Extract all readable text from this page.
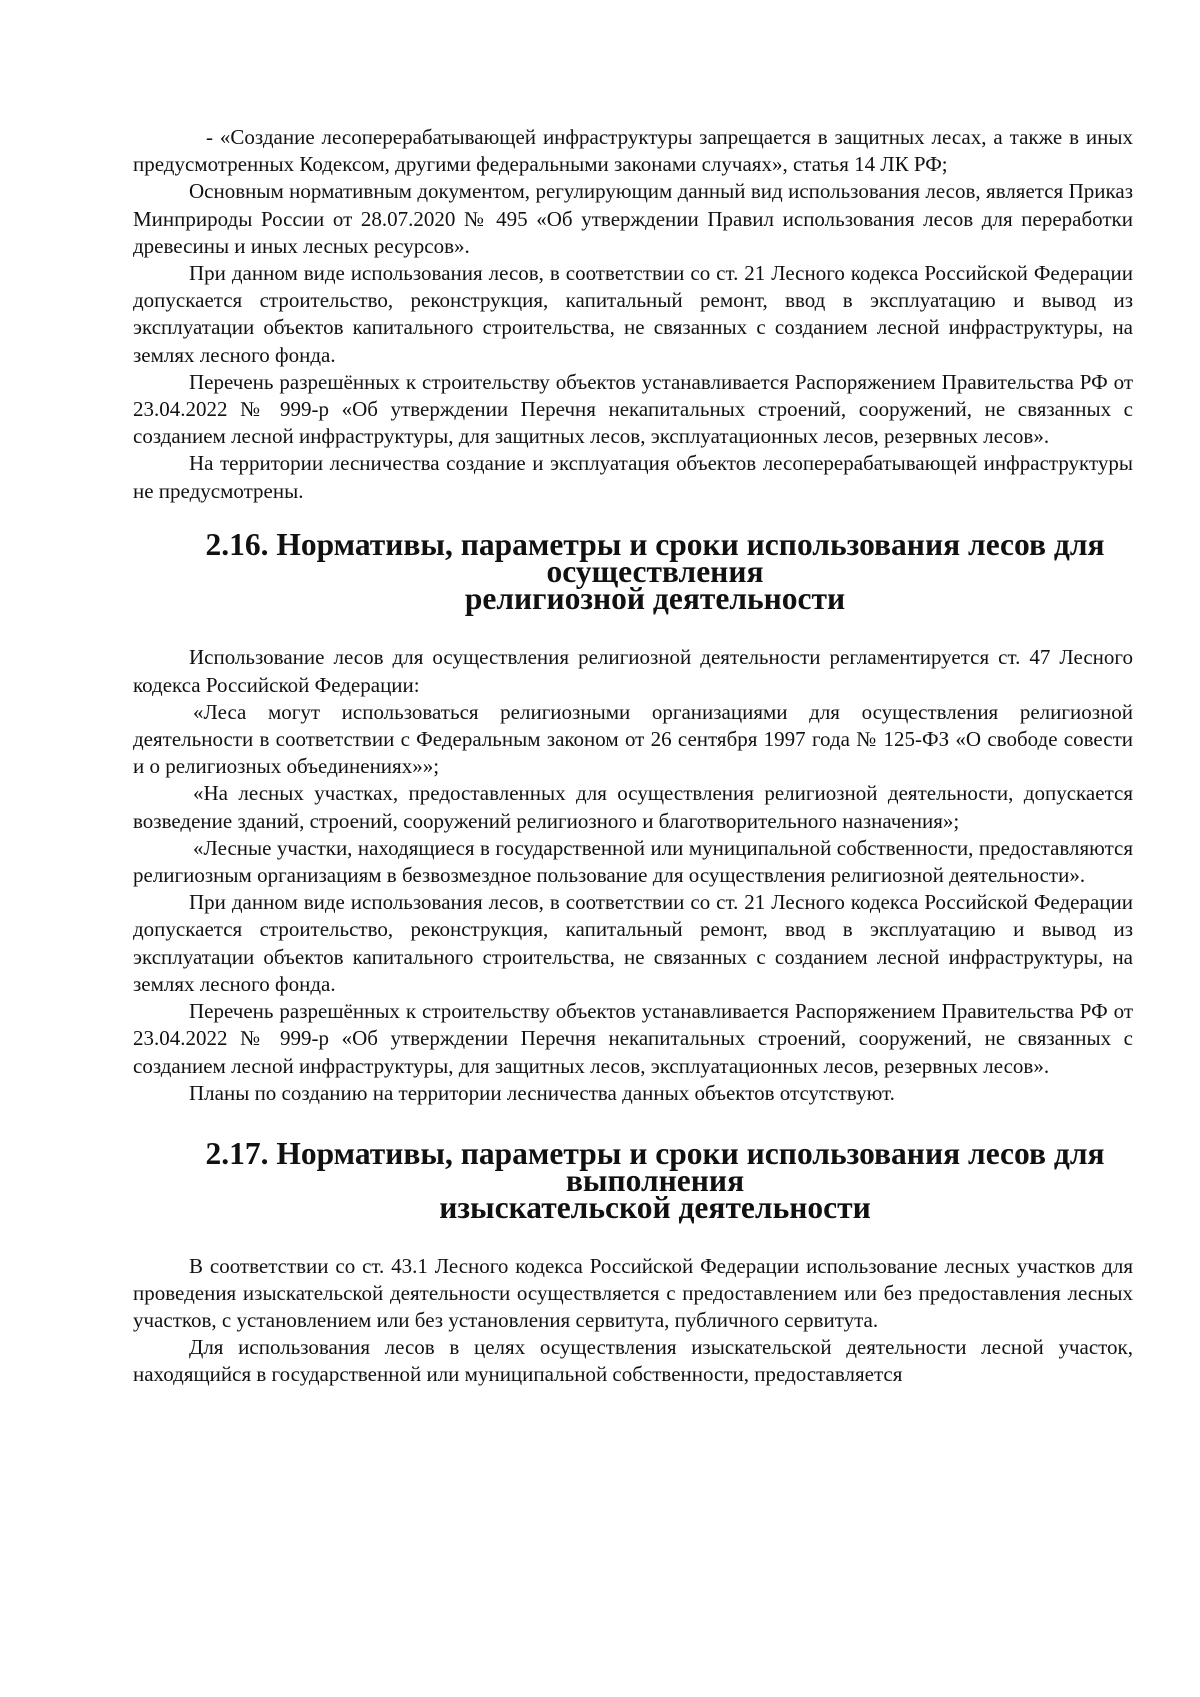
- «Создание лесоперерабатывающей инфраструктуры запрещается в защитных лесах, а также в иных предусмотренных Кодексом, другими федеральными законами случаях», статья 14 ЛК РФ;

Основным нормативным документом, регулирующим данный вид использования лесов, является Приказ Минприроды России от 28.07.2020 № 495 «Об утверждении Правил использования лесов для переработки древесины и иных лесных ресурсов».

При данном виде использования лесов, в соответствии со ст. 21 Лесного кодекса Российской Федерации допускается строительство, реконструкция, капитальный ремонт, ввод в эксплуатацию и вывод из эксплуатации объектов капитального строительства, не связанных с созданием лесной инфраструктуры, на землях лесного фонда.

Перечень разрешённых к строительству объектов устанавливается Распоряжением Правительства РФ от 23.04.2022 № 999-р «Об утверждении Перечня некапитальных строений, сооружений, не связанных с созданием лесной инфраструктуры, для защитных лесов, эксплуатационных лесов, резервных лесов».

На территории лесничества создание и эксплуатация объектов лесоперерабатывающей инфраструктуры не предусмотрены.

2.16. Нормативы, параметры и сроки использования лесов для осуществления
религиозной деятельности

Использование лесов для осуществления религиозной деятельности регламентируется ст. 47 Лесного кодекса Российской Федерации:

«Леса могут использоваться религиозными организациями для осуществления религиозной деятельности в соответствии с Федеральным законом от 26 сентября 1997 года № 125-ФЗ «О свободе совести и о религиозных объединениях»»;

«На лесных участках, предоставленных для осуществления религиозной деятельности, допускается возведение зданий, строений, сооружений религиозного и благотворительного назначения»;

«Лесные участки, находящиеся в государственной или муниципальной собственности, предоставляются религиозным организациям в безвозмездное пользование для осуществления религиозной деятельности».

При данном виде использования лесов, в соответствии со ст. 21 Лесного кодекса Российской Федерации допускается строительство, реконструкция, капитальный ремонт, ввод в эксплуатацию и вывод из эксплуатации объектов капитального строительства, не связанных с созданием лесной инфраструктуры, на землях лесного фонда.

Перечень разрешённых к строительству объектов устанавливается Распоряжением Правительства РФ от 23.04.2022 № 999-р «Об утверждении Перечня некапитальных строений, сооружений, не связанных с созданием лесной инфраструктуры, для защитных лесов, эксплуатационных лесов, резервных лесов».

Планы по созданию на территории лесничества данных объектов отсутствуют.

2.17. Нормативы, параметры и сроки использования лесов для выполнения
изыскательской деятельности

В соответствии со ст. 43.1 Лесного кодекса Российской Федерации использование лесных участков для проведения изыскательской деятельности осуществляется с предоставлением или без предоставления лесных участков, с установлением или без установления сервитута, публичного сервитута.

Для использования лесов в целях осуществления изыскательской деятельности лесной участок, находящийся в государственной или муниципальной собственности, предоставляется
